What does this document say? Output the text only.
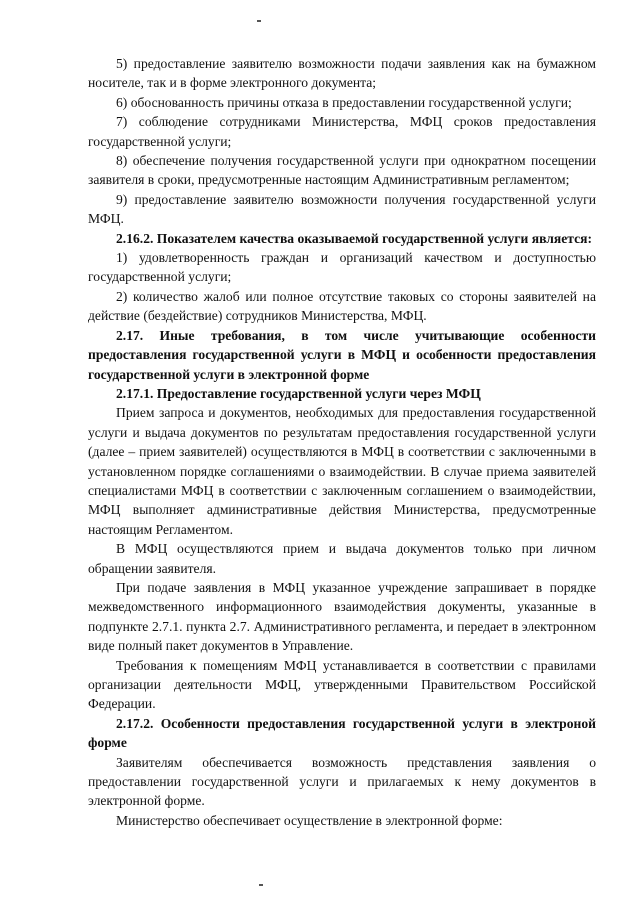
5) предоставление заявителю возможности подачи заявления как на бумажном носителе, так и в форме электронного документа;

6) обоснованность причины отказа в предоставлении государственной услуги;

7) соблюдение сотрудниками Министерства, МФЦ сроков предоставления государственной услуги;

8) обеспечение получения государственной услуги при однократном посещении заявителя в сроки, предусмотренные настоящим Административным регламентом;

9) предоставление заявителю возможности получения государственной услуги МФЦ.

2.16.2. Показателем качества оказываемой государственной услуги является:

1) удовлетворенность граждан и организаций качеством и доступностью государственной услуги;

2) количество жалоб или полное отсутствие таковых со стороны заявителей на действие (бездействие) сотрудников Министерства, МФЦ.

2.17. Иные требования, в том числе учитывающие особенности предоставления государственной услуги в МФЦ и особенности предоставления государственной услуги в электронной форме

2.17.1. Предоставление государственной услуги через МФЦ

Прием запроса и документов, необходимых для предоставления государственной услуги и выдача документов по результатам предоставления государственной услуги (далее – прием заявителей) осуществляются в МФЦ в соответствии с заключенными в установленном порядке соглашениями о взаимодействии. В случае приема заявителей специалистами МФЦ в соответствии с заключенным соглашением о взаимодействии, МФЦ выполняет административные действия Министерства, предусмотренные настоящим Регламентом.

В МФЦ осуществляются прием и выдача документов только при личном обращении заявителя.

При подаче заявления в МФЦ указанное учреждение запрашивает в порядке межведомственного информационного взаимодействия документы, указанные в подпункте 2.7.1. пункта 2.7. Административного регламента, и передает в электронном виде полный пакет документов в Управление.

Требования к помещениям МФЦ устанавливается в соответствии с правилами организации деятельности МФЦ, утвержденными Правительством Российской Федерации.

2.17.2. Особенности предоставления государственной услуги в электроной форме

Заявителям обеспечивается возможность представления заявления о предоставлении государственной услуги и прилагаемых к нему документов в электронной форме.

Министерство обеспечивает осуществление в электронной форме:
